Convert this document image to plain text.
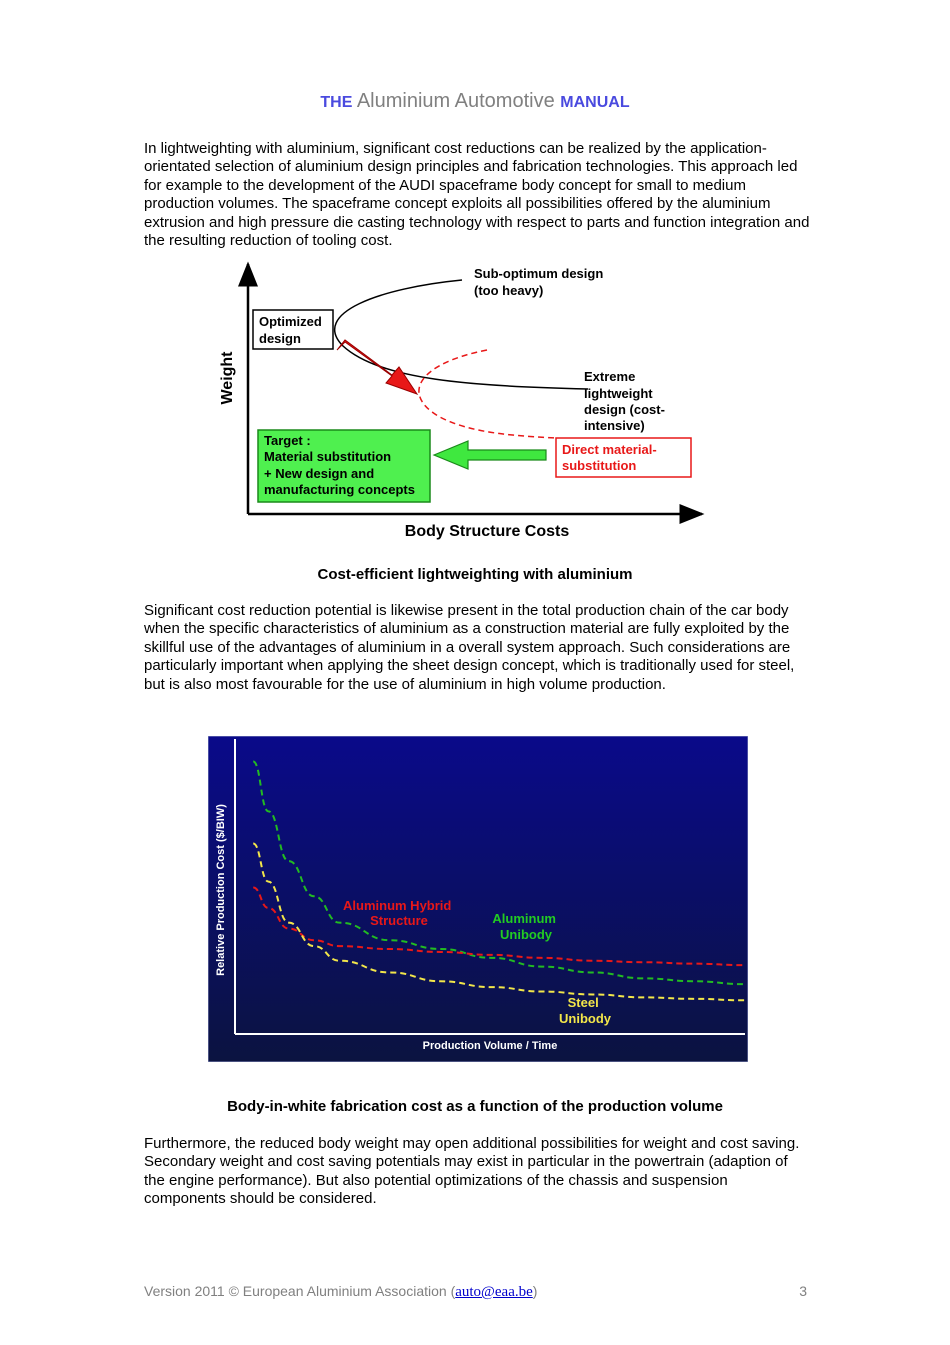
THE Aluminium Automotive MANUAL

In lightweighting with aluminium, significant cost reductions can be realized by the application-orientated selection of aluminium design principles and fabrication technologies. This approach led for example to the development of the AUDI spaceframe body concept for small to medium production volumes. The spaceframe concept exploits all possibilities offered by the aluminium extrusion and high pressure die casting technology with respect to parts and function integration and the resulting reduction of tooling cost.

Weight
Body Structure Costs
Sub-optimum design (too heavy)
Optimized design
Extreme lightweight design (cost- intensive)
Target : Material substitution + New design and manufacturing concepts
Direct material- substitution
Cost-efficient lightweighting with aluminium

Significant cost reduction potential is likewise present in the total production chain of the car body when the specific characteristics of aluminium as a construction material are fully exploited by the skillful use of the advantages of aluminium in a overall system approach. Such considerations are particularly important when applying the sheet design concept, which is traditionally used for steel, but is also most favourable for the use of aluminium in high volume production.

Relative Production Cost ($/BIW)
Production Volume / Time
Aluminum Hybrid Structure	Aluminum Unibody
Steel Unibody
Body-in-white fabrication cost as a function of the production volume

Furthermore, the reduced body weight may open additional possibilities for weight and cost saving. Secondary weight and cost saving potentials may exist in particular in the powertrain (adaption of the engine performance). But also potential optimizations of the chassis and suspension components should be considered.

Version 2011 © European Aluminium Association (auto@eaa.be)	3
